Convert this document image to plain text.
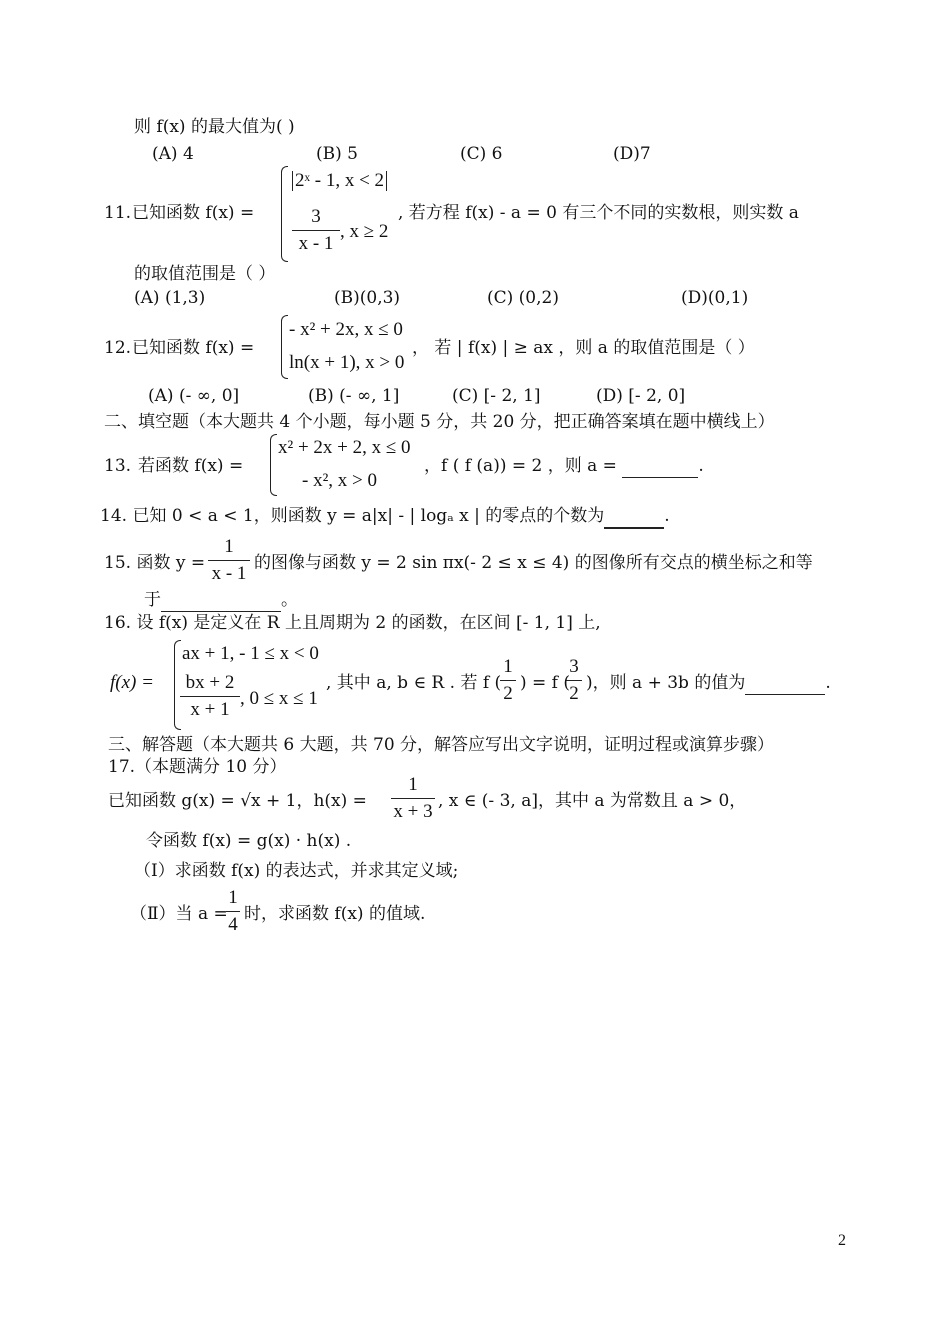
则 f(x) 的最大值为( )
(A) 4	(B) 5	(C) 6	(D)7
11. 已知函数 f(x) =
2ˣ - 1, x < 2
3
x - 1
, x ≥ 2
, 若方程 f(x) - a = 0 有三个不同的实数根，则实数 a
的取值范围是（ ）
(A) (1,3)	(B)(0,3)	(C) (0,2)	(D)(0,1)
12. 已知函数 f(x) =
- x² + 2x, x ≤ 0
ln(x + 1), x > 0
， 若 | f(x) | ≥ ax ，则 a 的取值范围是（ ）
(A) (- ∞, 0]	(B) (- ∞, 1]	(C) [- 2, 1]	(D) [- 2, 0]
二、填空题（本大题共 4 个小题，每小题 5 分，共 20 分，把正确答案填在题中横线上）
13. 若函数 f(x) =
x² + 2x + 2, x ≤ 0
- x², x > 0
，f ( f (a)) = 2 ，则 a =	.
14. 已知 0 < a < 1，则函数 y = a|x| - | logₐ x | 的零点的个数为	.
15. 函数 y =
1
x - 1 的图像与函数 y = 2 sin πx(- 2 ≤ x ≤ 4) 的图像所有交点的横坐标之和等
于	。
16. 设 f(x) 是定义在 R 上且周期为 2 的函数，在区间 [- 1, 1] 上,
f(x) =
ax + 1, - 1 ≤ x < 0
bx + 2
x + 1
, 0 ≤ x ≤ 1
, 其中 a, b ∈ R . 若 f (
1
2 ) = f (
3
2 )，则 a + 3b 的值为	.
三、解答题（本大题共 6 大题，共 70 分，解答应写出文字说明，证明过程或演算步骤）
17.（本题满分 10 分）
已知函数 g(x) = √x + 1，h(x) =
1
x + 3 , x ∈ (- 3, a]，其中 a 为常数且 a > 0，
令函数 f(x) = g(x) · h(x) .
（Ⅰ）求函数 f(x) 的表达式，并求其定义域;
（Ⅱ）当 a =
1
4 时，求函数 f(x) 的值域.
2
